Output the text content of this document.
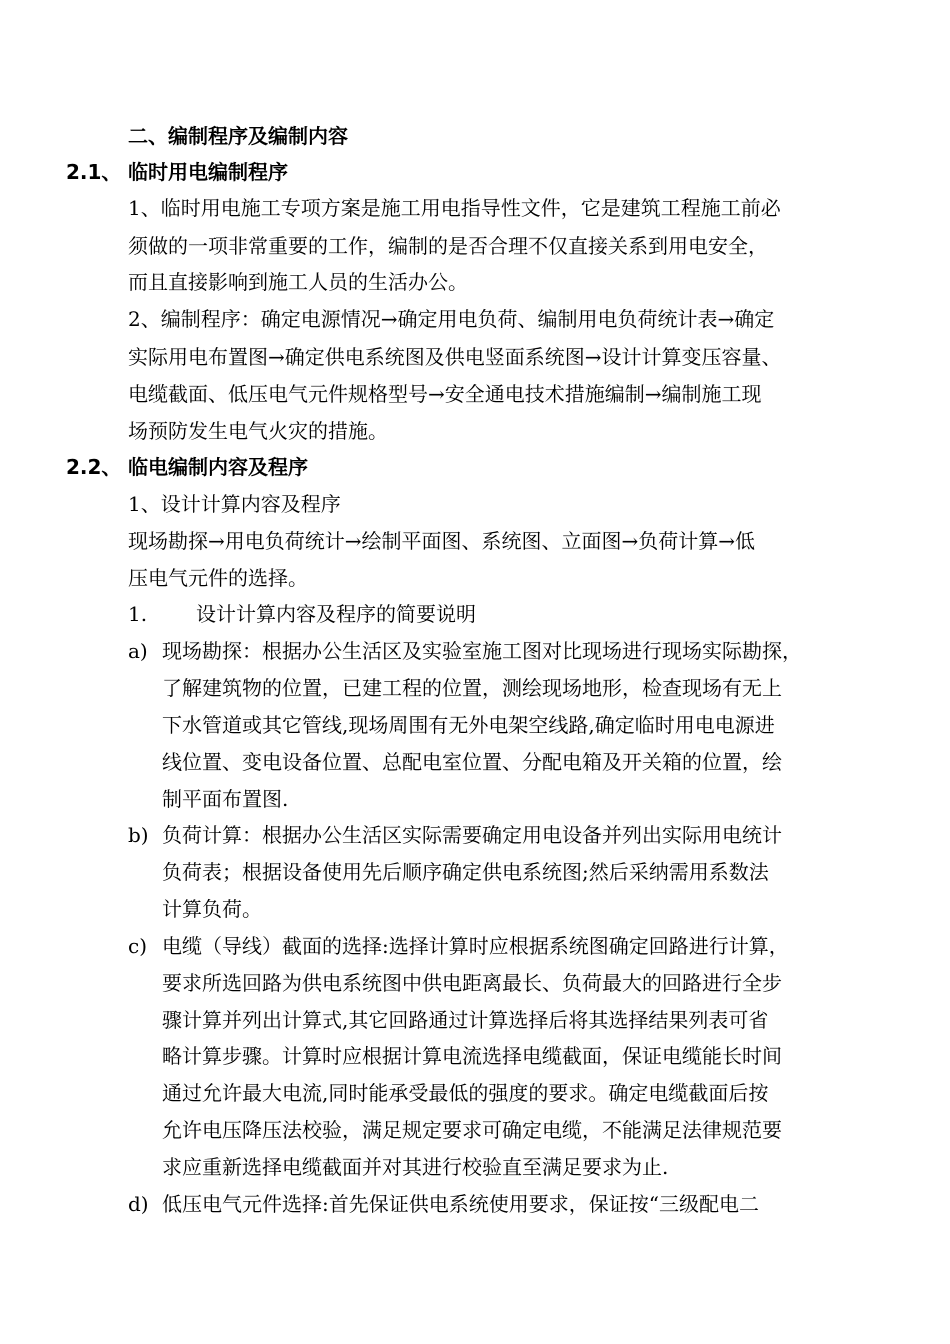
二、编制程序及编制内容
2.1、 临时用电编制程序
1、临时用电施工专项方案是施工用电指导性文件，它是建筑工程施工前必
须做的一项非常重要的工作，编制的是否合理不仅直接关系到用电安全，
而且直接影响到施工人员的生活办公。
2、编制程序：确定电源情况→确定用电负荷、编制用电负荷统计表→确定
实际用电布置图→确定供电系统图及供电竖面系统图→设计计算变压容量、
电缆截面、低压电气元件规格型号→安全通电技术措施编制→编制施工现
场预防发生电气火灾的措施。
2.2、 临电编制内容及程序
1、设计计算内容及程序
现场勘探→用电负荷统计→绘制平面图、系统图、立面图→负荷计算→低
压电气元件的选择。
1. 设计计算内容及程序的简要说明
a) 现场勘探：根据办公生活区及实验室施工图对比现场进行现场实际勘探，
了解建筑物的位置，已建工程的位置，测绘现场地形，检查现场有无上
下水管道或其它管线,现场周围有无外电架空线路,确定临时用电电源进
线位置、变电设备位置、总配电室位置、分配电箱及开关箱的位置，绘
制平面布置图.
b) 负荷计算：根据办公生活区实际需要确定用电设备并列出实际用电统计
负荷表；根据设备使用先后顺序确定供电系统图;然后采纳需用系数法
计算负荷。
c) 电缆（导线）截面的选择:选择计算时应根据系统图确定回路进行计算，
要求所选回路为供电系统图中供电距离最长、负荷最大的回路进行全步
骤计算并列出计算式,其它回路通过计算选择后将其选择结果列表可省
略计算步骤。计算时应根据计算电流选择电缆截面，保证电缆能长时间
通过允许最大电流,同时能承受最低的强度的要求。确定电缆截面后按
允许电压降压法校验，满足规定要求可确定电缆，不能满足法律规范要
求应重新选择电缆截面并对其进行校验直至满足要求为止.
d) 低压电气元件选择:首先保证供电系统使用要求，保证按“三级配电二
